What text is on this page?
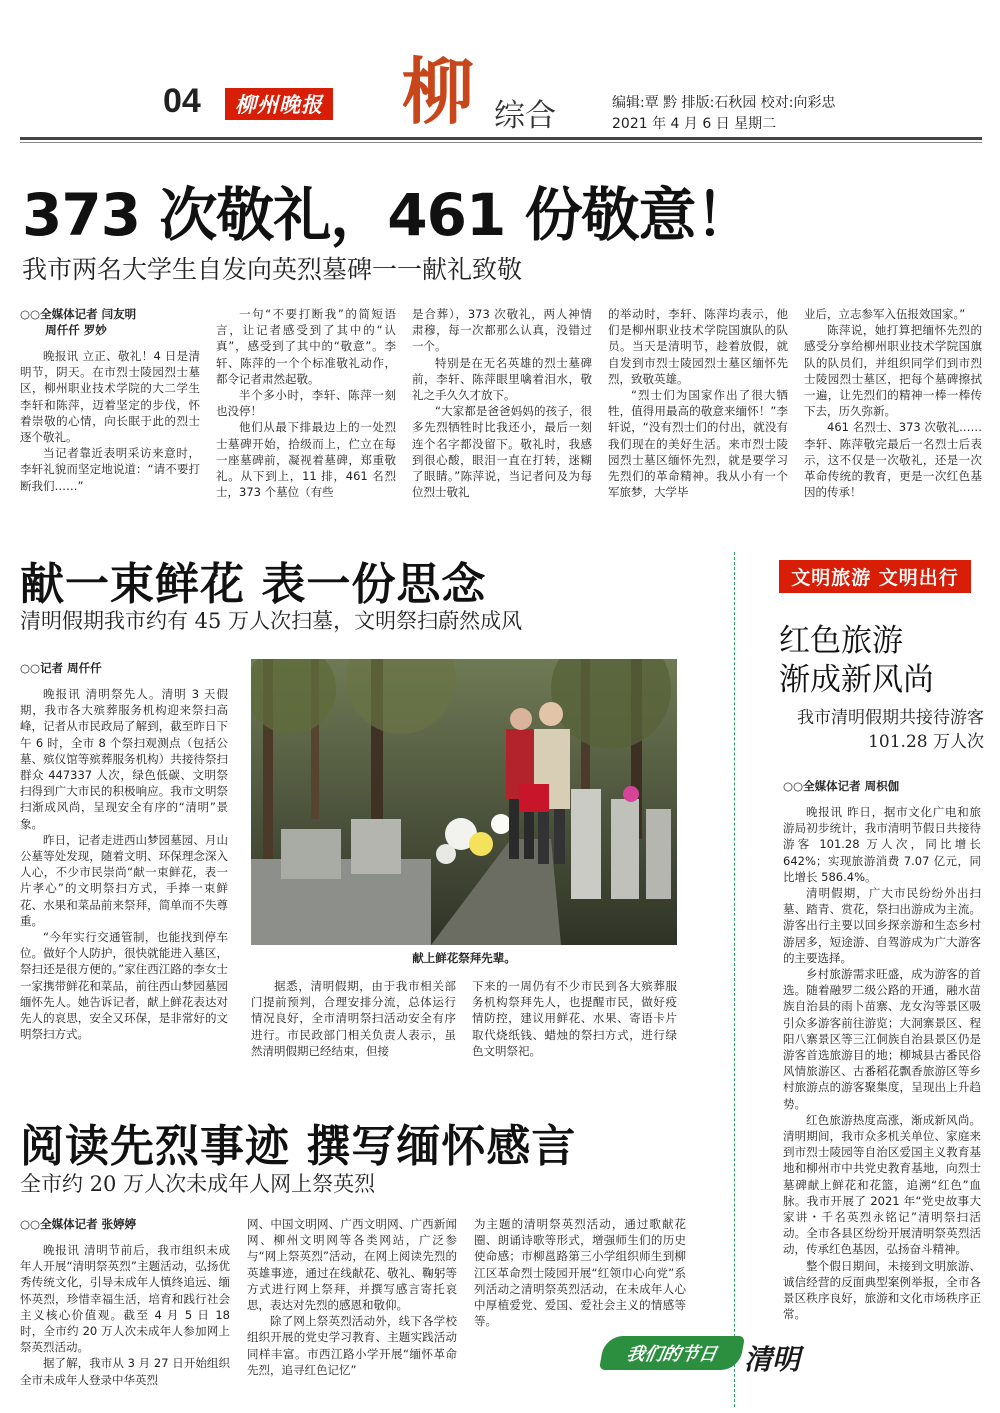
04	柳州晚报 柳 综合	编辑:覃 黔 排版:石秋园 校对:向彩忠
2021 年 4 月 6 日 星期二
373 次敬礼，461 份敬意！
我市两名大学生自发向英烈墓碑一一献礼致敬
○○全媒体记者 闫友明
周仟仟 罗妙

晚报讯 立正、敬礼！4 日是清明节，阴天。在市烈士陵园烈士墓区，柳州职业技术学院的大二学生李轩和陈萍，迈着坚定的步伐，怀着崇敬的心情，向长眠于此的烈士逐个敬礼。

当记者靠近表明采访来意时，李轩礼貌而坚定地说道：“请不要打断我们……”

一句“不要打断我”的简短语言，让记者感受到了其中的“认真”，感受到了其中的“敬意”。李轩、陈萍的一个个标准敬礼动作，都令记者肃然起敬。

半个多小时，李轩、陈萍一刻也没停！

他们从最下排最边上的一处烈士墓碑开始，拾级而上，伫立在每一座墓碑前，凝视着墓碑，郑重敬礼。从下到上，11 排，461 名烈士，373 个墓位（有些

是合葬），373 次敬礼，两人神情肃穆，每一次都那么认真，没错过一个。

特别是在无名英雄的烈士墓碑前，李轩、陈萍眼里噙着泪水，敬礼之手久久才放下。

“大家都是爸爸妈妈的孩子，很多先烈牺牲时比我还小，最后一刻连个名字都没留下。敬礼时，我感到很心酸，眼泪一直在打转，迷糊了眼睛。”陈萍说，当记者问及为每位烈士敬礼

的举动时，李轩、陈萍均表示，他们是柳州职业技术学院国旗队的队员。当天是清明节，趁着放假，就自发到市烈士陵园烈士墓区缅怀先烈，致敬英雄。

“烈士们为国家作出了很大牺牲，值得用最高的敬意来缅怀！”李轩说，“没有烈士们的付出，就没有我们现在的美好生活。来市烈士陵园烈士墓区缅怀先烈，就是要学习先烈们的革命精神。我从小有一个军旅梦，大学毕

业后，立志参军入伍报效国家。”

陈萍说，她打算把缅怀先烈的感受分享给柳州职业技术学院国旗队的队员们，并组织同学们到市烈士陵园烈士墓区，把每个墓碑擦拭一遍，让先烈们的精神一棒一棒传下去，历久弥新。

461 名烈士、373 次敬礼……李轩、陈萍敬完最后一名烈士后表示，这不仅是一次敬礼，还是一次革命传统的教育，更是一次红色基因的传承！

献一束鲜花 表一份思念
清明假期我市约有 45 万人次扫墓，文明祭扫蔚然成风
○○记者 周仟仟

晚报讯 清明祭先人。清明 3 天假期，我市各大殡葬服务机构迎来祭扫高峰，记者从市民政局了解到，截至昨日下午 6 时，全市 8 个祭扫观测点（包括公墓、殡仪馆等殡葬服务机构）共接待祭扫群众 447337 人次，绿色低碳、文明祭扫得到广大市民的积极响应。我市文明祭扫渐成风尚，呈现安全有序的“清明”景象。

昨日，记者走进西山梦园墓园、月山公墓等处发现，随着文明、环保理念深入人心，不少市民崇尚“献一束鲜花，表一片孝心”的文明祭扫方式，手捧一束鲜花、水果和菜品前来祭拜，简单而不失尊重。

“今年实行交通管制，也能找到停车位。做好个人防护，很快就能进入墓区，祭扫还是很方便的。”家住西江路的李女士一家携带鲜花和菜品，前往西山梦园墓园缅怀先人。她告诉记者，献上鲜花表达对先人的哀思，安全又环保，是非常好的文明祭扫方式。

献上鲜花祭拜先辈。

据悉，清明假期，由于我市相关部门提前预判，合理安排分流，总体运行情况良好，全市清明祭扫活动安全有序进行。市民政部门相关负责人表示，虽然清明假期已经结束，但接

下来的一周仍有不少市民到各大殡葬服务机构祭拜先人，也提醒市民，做好疫情防控，建议用鲜花、水果、寄语卡片取代烧纸钱、蜡烛的祭扫方式，进行绿色文明祭祀。

文明旅游 文明出行
红色旅游
渐成新风尚
我市清明假期共接待游客 101.28 万人次
○○全媒体记者 周枳伽

晚报讯 昨日，据市文化广电和旅游局初步统计，我市清明节假日共接待游客 101.28 万人次，同比增长 642%；实现旅游消费 7.07 亿元，同比增长 586.4%。

清明假期，广大市民纷纷外出扫墓、踏青、赏花，祭扫出游成为主流。游客出行主要以回乡探亲游和生态乡村游居多，短途游、自驾游成为广大游客的主要选择。

乡村旅游需求旺盛，成为游客的首选。随着融罗二级公路的开通，融水苗族自治县的雨卜苗寨、龙女沟等景区吸引众多游客前往游览；大洞寨景区、程阳八寨景区等三江侗族自治县景区仍是游客首选旅游目的地；柳城县古番民俗风情旅游区、古番稻花飘香旅游区等乡村旅游点的游客聚集度，呈现出上升趋势。

红色旅游热度高涨，渐成新风尚。清明期间，我市众多机关单位、家庭来到市烈士陵园等自治区爱国主义教育基地和柳州市中共党史教育基地，向烈士墓碑献上鲜花和花篮，追溯“红色”血脉。我市开展了 2021 年“党史故事大家讲・千名英烈永铭记”清明祭扫活动。全市各县区纷纷开展清明祭英烈活动，传承红色基因，弘扬奋斗精神。

整个假日期间，未接到文明旅游、诚信经营的反面典型案例举报，全市各景区秩序良好，旅游和文化市场秩序正常。

阅读先烈事迹 撰写缅怀感言
全市约 20 万人次未成年人网上祭英烈
○○全媒体记者 张婷婷

晚报讯 清明节前后，我市组织未成年人开展“清明祭英烈”主题活动，弘扬优秀传统文化，引导未成年人慎终追远、缅怀英烈，珍惜幸福生活，培育和践行社会主义核心价值观。截至 4 月 5 日 18 时，全市约 20 万人次未成年人参加网上祭英烈活动。

据了解，我市从 3 月 27 日开始组织全市未成年人登录中华英烈

网、中国文明网、广西文明网、广西新闻网、柳州文明网等各类网站，广泛参与“网上祭英烈”活动，在网上阅读先烈的英雄事迹，通过在线献花、敬礼、鞠躬等方式进行网上祭拜，并撰写感言寄托哀思，表达对先烈的感恩和敬仰。

除了网上祭英烈活动外，线下各学校组织开展的党史学习教育、主题实践活动同样丰富。市西江路小学开展“缅怀革命先烈，追寻红色记忆”

为主题的清明祭英烈活动，通过歌献花圈、朗诵诗歌等形式，增强师生们的历史使命感；市柳邕路第三小学组织师生到柳江区革命烈士陵园开展“红领巾心向党”系列活动之清明祭英烈活动，在未成年人心中厚植爱党、爱国、爱社会主义的情感等等。

我们的节日 清明
